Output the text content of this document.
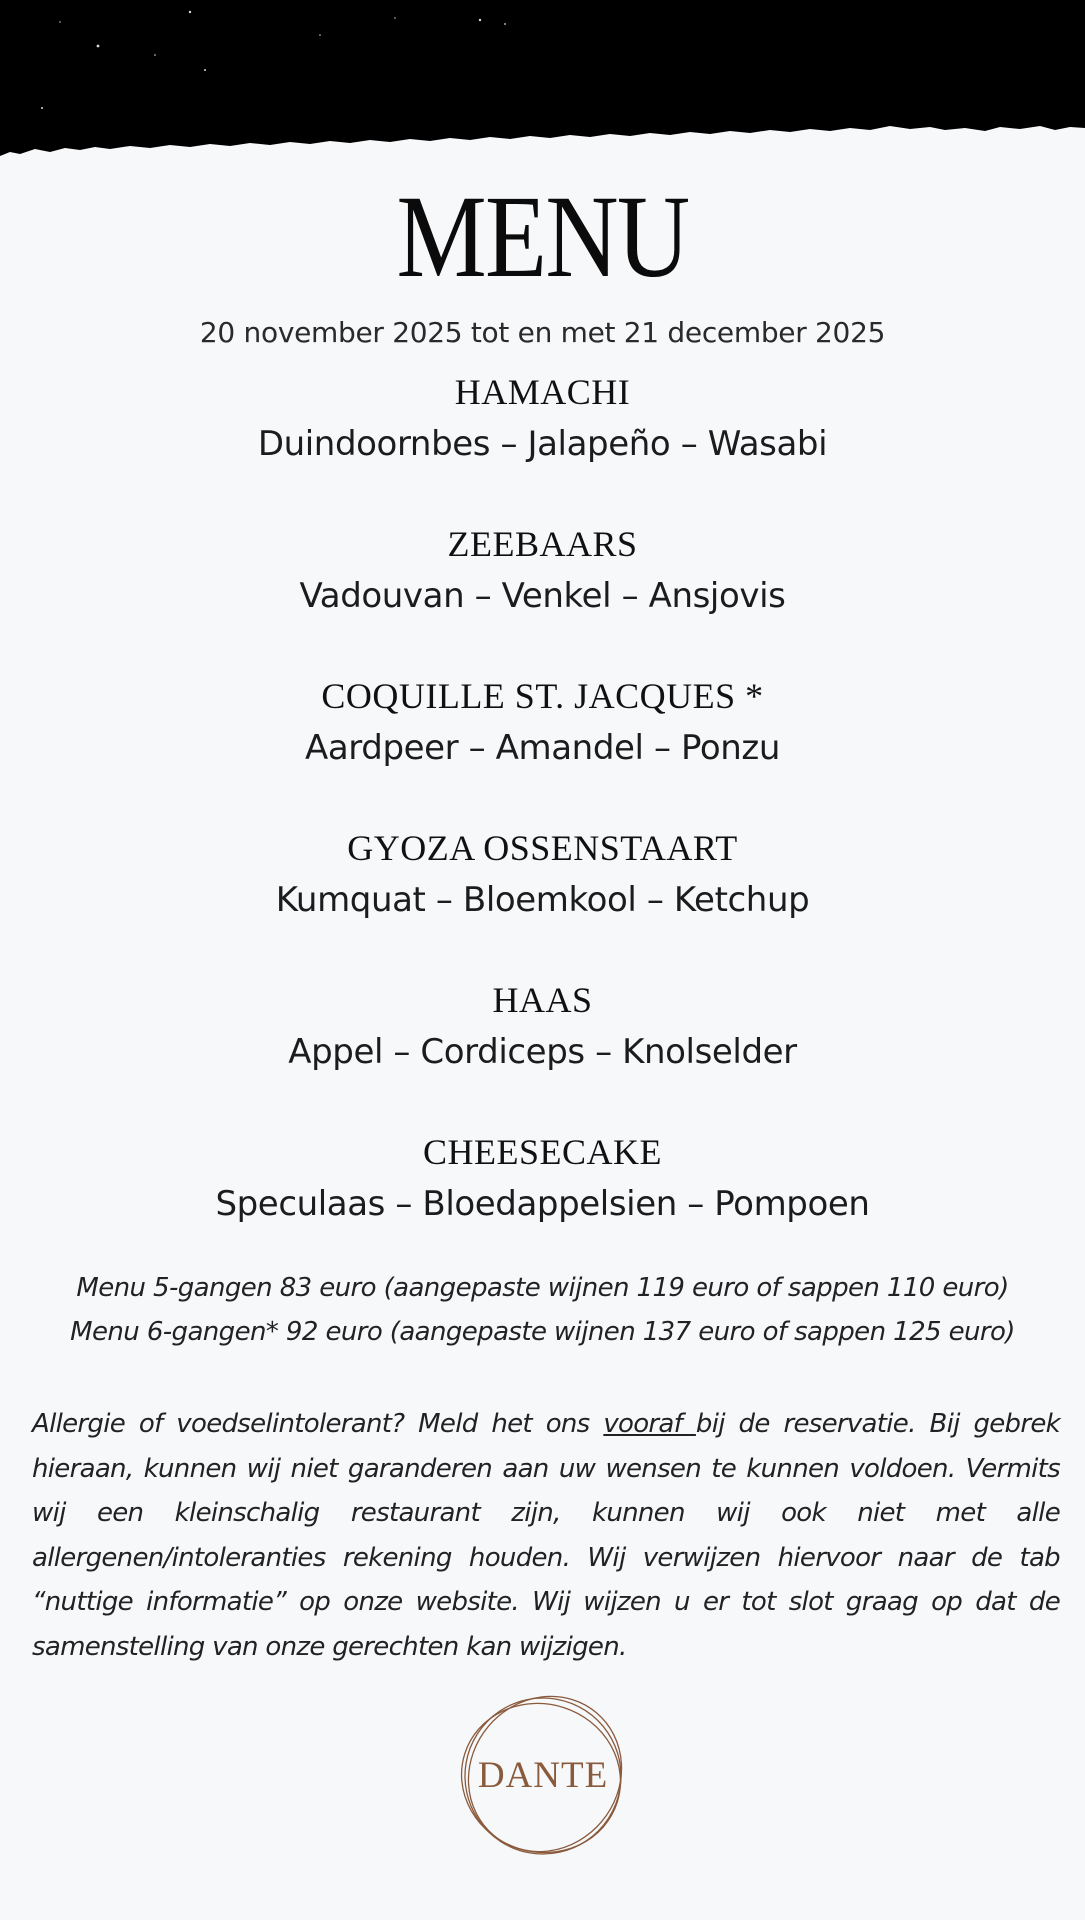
MENU
20 november 2025 tot en met 21 december 2025
HAMACHI
Duindoornbes – Jalapeño – Wasabi
ZEEBAARS
Vadouvan – Venkel – Ansjovis
COQUILLE ST. JACQUES *
Aardpeer – Amandel – Ponzu
GYOZA OSSENSTAART
Kumquat – Bloemkool – Ketchup
HAAS
Appel – Cordiceps – Knolselder
CHEESECAKE
Speculaas – Bloedappelsien – Pompoen
Menu 5-gangen 83 euro (aangepaste wijnen 119 euro of sappen 110 euro)
Menu 6-gangen* 92 euro (aangepaste wijnen 137 euro of sappen 125 euro)
Allergie of voedselintolerant? Meld het ons vooraf bij de reservatie. Bij gebrek hieraan, kunnen wij niet garanderen aan uw wensen te kunnen voldoen. Vermits wij een kleinschalig restaurant zijn, kunnen wij ook niet met alle allergenen/intoleranties rekening houden. Wij verwijzen hiervoor naar de tab “nuttige informatie” op onze website. Wij wijzen u er tot slot graag op dat de samenstelling van onze gerechten kan wijzigen.
DANTE
